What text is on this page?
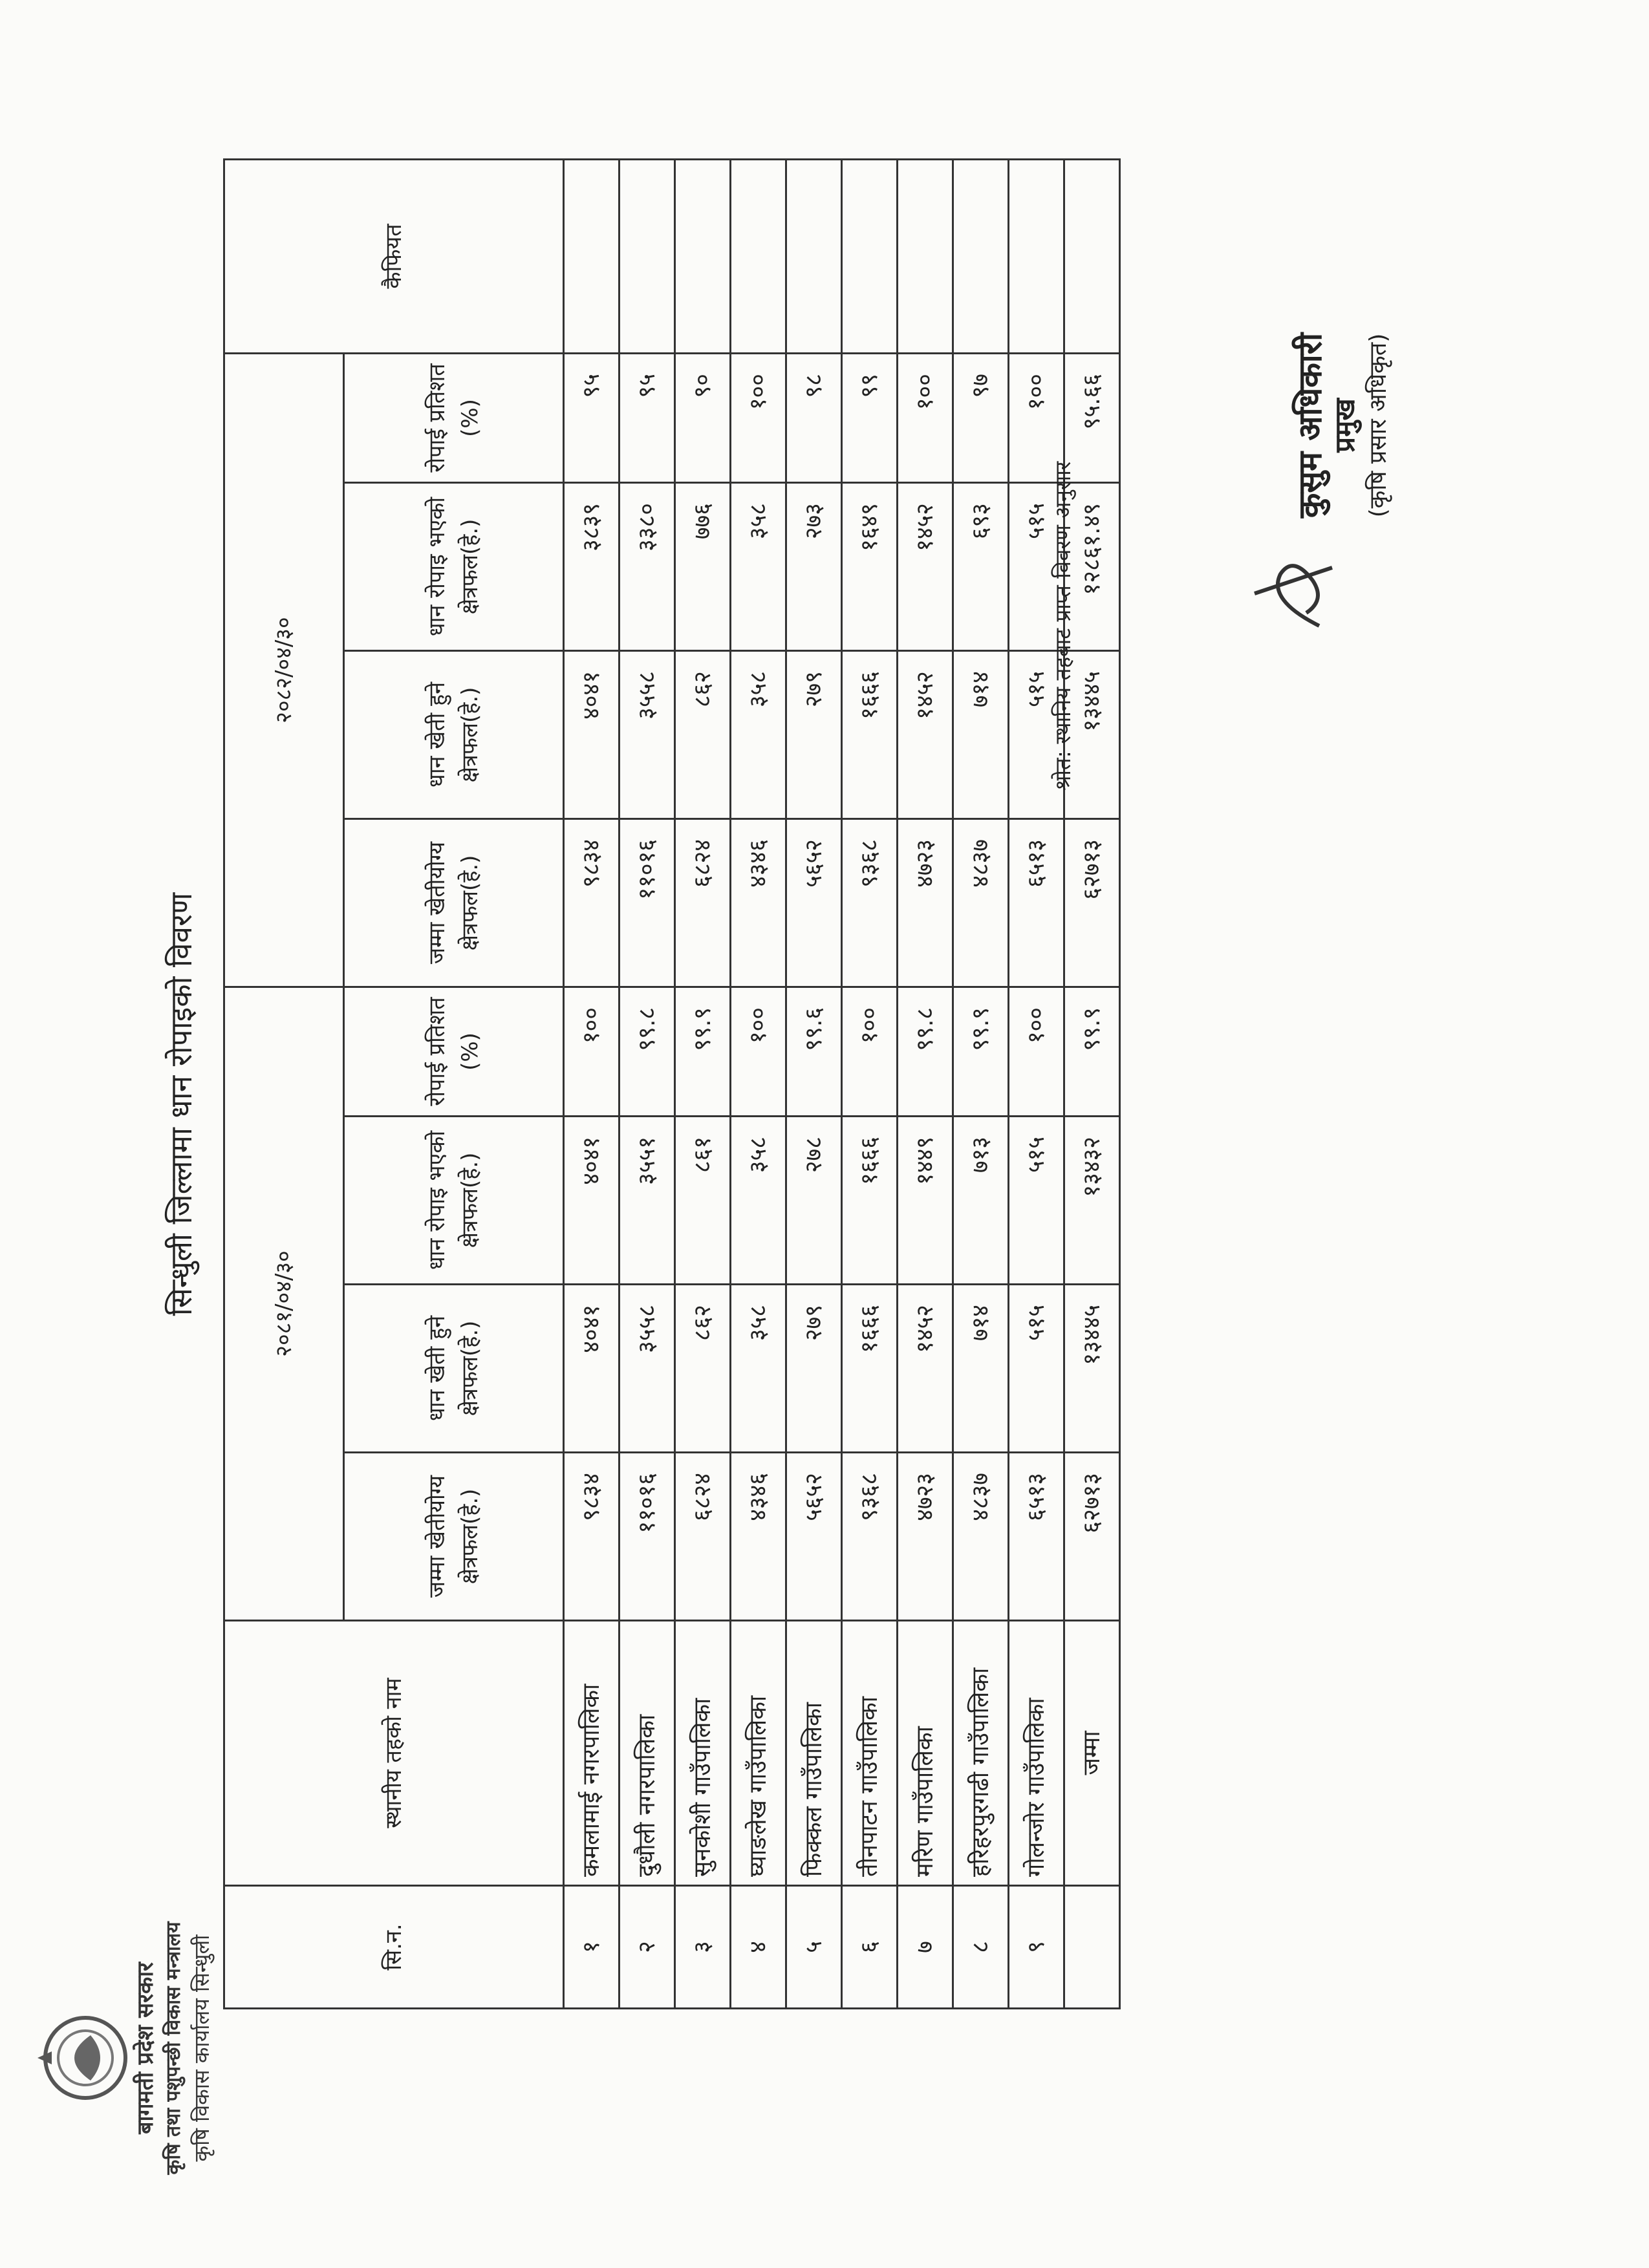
बागमती प्रदेश सरकार कृषि तथा पशुपन्छी विकास मन्त्रालय कृषि विकास कार्यालय सिन्धुली
सिन्धुली जिल्लामा धान रोपाइको विवरण
सि.न.	स्थानीय तहको नाम	२०८१/०४/३०				२०८२/०४/३०				कैफियत
		जम्मा खेतीयोग्य क्षेत्रफल(हे.)	धान खेती हुने क्षेत्रफल(हे.)	धान रोपाइ भएको क्षेत्रफल(हे.)	रोपाई प्रतिशत (%)	जम्मा खेतीयोग्य क्षेत्रफल(हे.)	धान खेती हुने क्षेत्रफल(हे.)	धान रोपाइ भएको क्षेत्रफल(हे.)	रोपाई प्रतिशत (%)	
१	कमलामाई नगरपालिका	९८३४	४०४१	४०४१	१००	९८३४	४०४१	३८३९	९५	
२	दुधौली नगरपालिका	११०१६	३५५८	३५५१	९९.८	११०१६	३५५८	३३८०	९५	
३	सुनकोशी गाउँपालिका	६८२४	८६२	८६१	९९.९	६८२४	८६२	७७६	९०	
४	घ्याङलेख गाउँपालिका	४३४६	३५८	३५८	१००	४३४६	३५८	३५८	१००	
५	फिक्कल गाउँपालिका	५६५२	२७९	२७८	९९.६	५६५२	२७९	२७३	९८	
६	तीनपाटन गाउँपालिका	९३६८	१६६६	१६६६	१००	९३६८	१६६६	१६४९	९९	
७	मरिण गाउँपालिका	४७२३	१४५२	१४४९	९९.८	४७२३	१४५२	१४५२	१००	
८	हरिहरपुरगढी गाउँपालिका	४८३७	७१४	७१३	९९.९	४८३७	७१४	६९३	९७	
९	गोलन्जोर गाउँपालिका	६५१३	५१५	५१५	१००	६५१३	५१५	५१५	१००	
	जम्मा	६२७१३	१३४४५	१३४३२	९९.९	६२७१३	१३४४५	१२८६१.४९	९५.६६	
श्रोत: स्थानिय तहबाट प्राप्त विवरण अनुसार
कुसुम अधिकारी प्रमुख (कृषि प्रसार अधिकृत)
